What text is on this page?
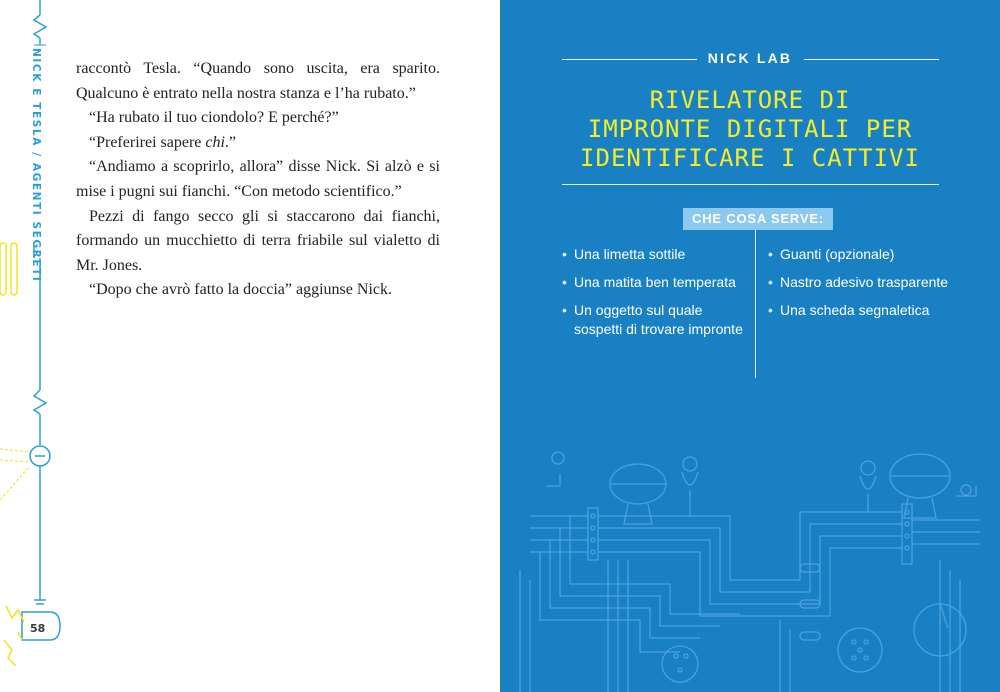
NICK E TESLA / AGENTI SEGRETI
58

raccontò Tesla. “Quando sono uscita, era sparito. Qualcuno è entrato nella nostra stanza e l’ha rubato.”

“Ha rubato il tuo ciondolo? E perché?”

“Preferirei sapere chi.”

“Andiamo a scoprirlo, allora” disse Nick. Si alzò e si mise i pugni sui fianchi. “Con metodo scientifico.”

Pezzi di fango secco gli si staccarono dai fianchi, formando un mucchietto di terra friabile sul vialetto di Mr. Jones.

“Dopo che avrò fatto la doccia” aggiunse Nick.

NICK LAB
RIVELATORE DI
IMPRONTE DIGITALI PER
IDENTIFICARE I CATTIVI
CHE COSA SERVE:
• Una limetta sottile
• Una matita ben temperata
• Un oggetto sul quale sospetti di trovare impronte
• Guanti (opzionale)
• Nastro adesivo trasparente
• Una scheda segnaletica
